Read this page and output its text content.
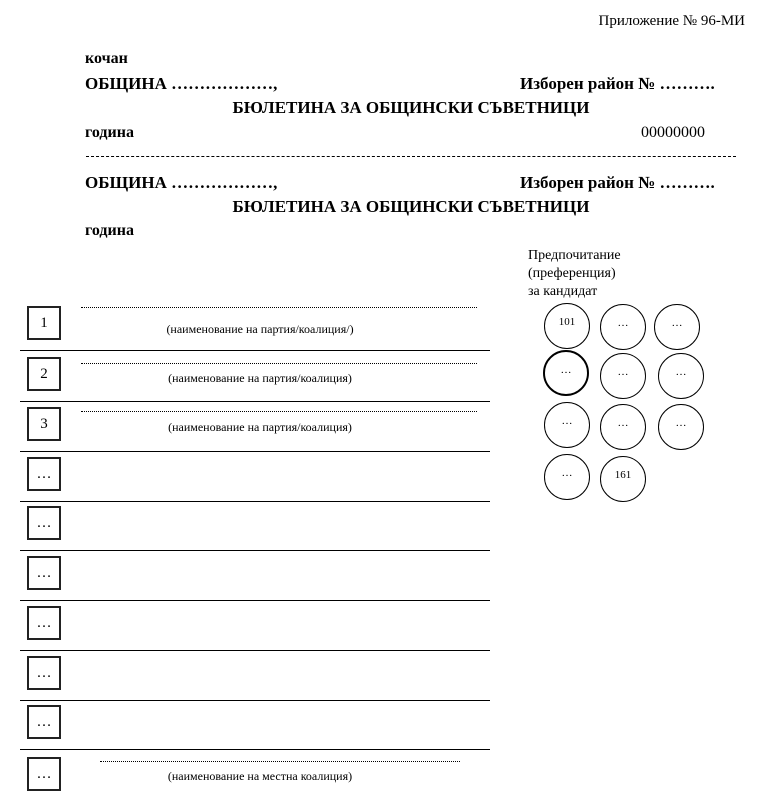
Приложение № 96-МИ
кочан
ОБЩИНА ………………,	Изборен район № ……….
БЮЛЕТИНА ЗА ОБЩИНСКИ СЪВЕТНИЦИ
година	00000000
ОБЩИНА ………………,	Изборен район № ……….
БЮЛЕТИНА ЗА ОБЩИНСКИ СЪВЕТНИЦИ
година
Предпочитание
(преференция)
за кандидат
101	…	…
…	…	…
…	…	…
…	161
1	(наименование на партия/коалиция/)
2	(наименование на партия/коалиция)
3	(наименование на партия/коалиция)
…
…
…
…
…
…
…	(наименование на местна коалиция)
